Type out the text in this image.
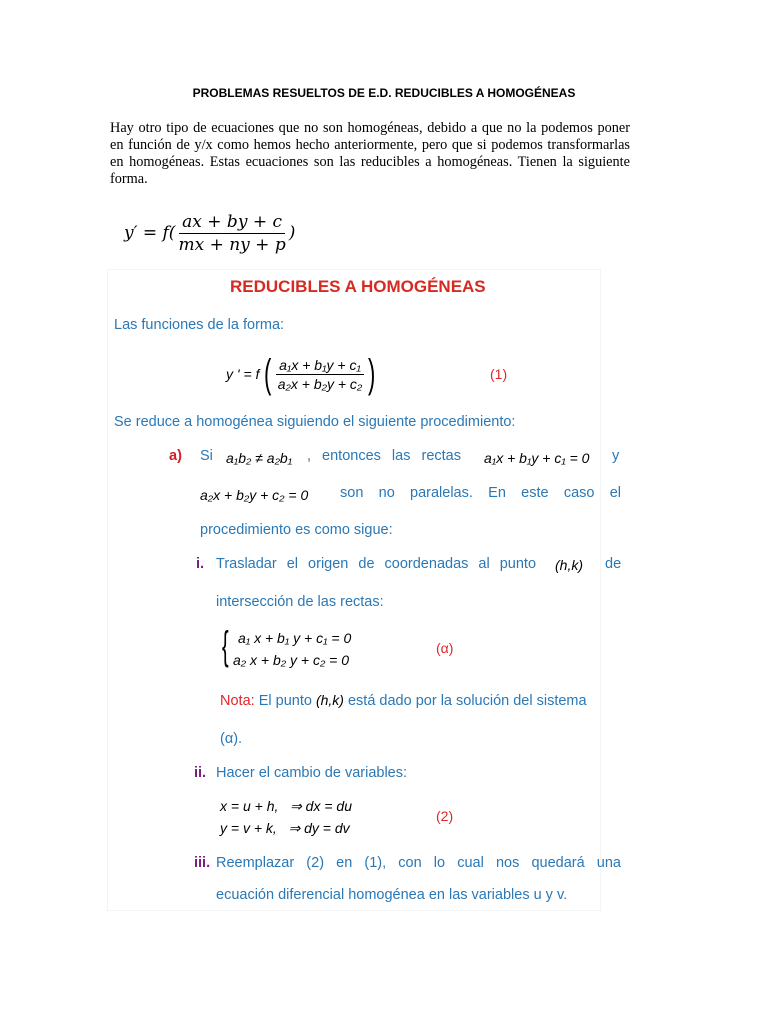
PROBLEMAS RESUELTOS DE E.D. REDUCIBLES A HOMOGÉNEAS
Hay otro tipo de ecuaciones que no son homogéneas, debido a que no la podemos poner en función de y/x como hemos hecho anteriormente, pero que si podemos transformarlas en homogéneas. Estas ecuaciones son las reducibles a homogéneas. Tienen la siguiente forma.
$y' = f( \frac{ax + by + c}{mx + ny + p}$ )
REDUCIBLES A HOMOGÉNEAS
Las funciones de la forma:
y ' = f ( $\frac{\text{a₁x + b₁y + c₁}}{\text{a₂x + b₂y + c₂}}$ )	(1)
Se reduce a homogénea siguiendo el siguiente procedimiento:
a) Si a₁b₂ ≠ a₂b₁ , entonces las rectas a₁x + b₁y + c₁ = 0 y
a₂x + b₂y + c₂ = 0 son no paralelas. En este caso el
procedimiento es como sigue:
i. Trasladar el origen de coordenadas al punto (h,k) de
intersección de las rectas:
{ a₁ x + b₁ y + c₁ = 0
a₂ x + b₂ y + c₂ = 0
(α)
Nota: El punto (h,k) está dado por la solución del sistema
(α).
ii. Hacer el cambio de variables:
x = u + h,   ⇒ dx = du
y = v + k,   ⇒ dy = dv
(2)
iii. Reemplazar (2) en (1), con lo cual nos quedará una
ecuación diferencial homogénea en las variables u y v.
